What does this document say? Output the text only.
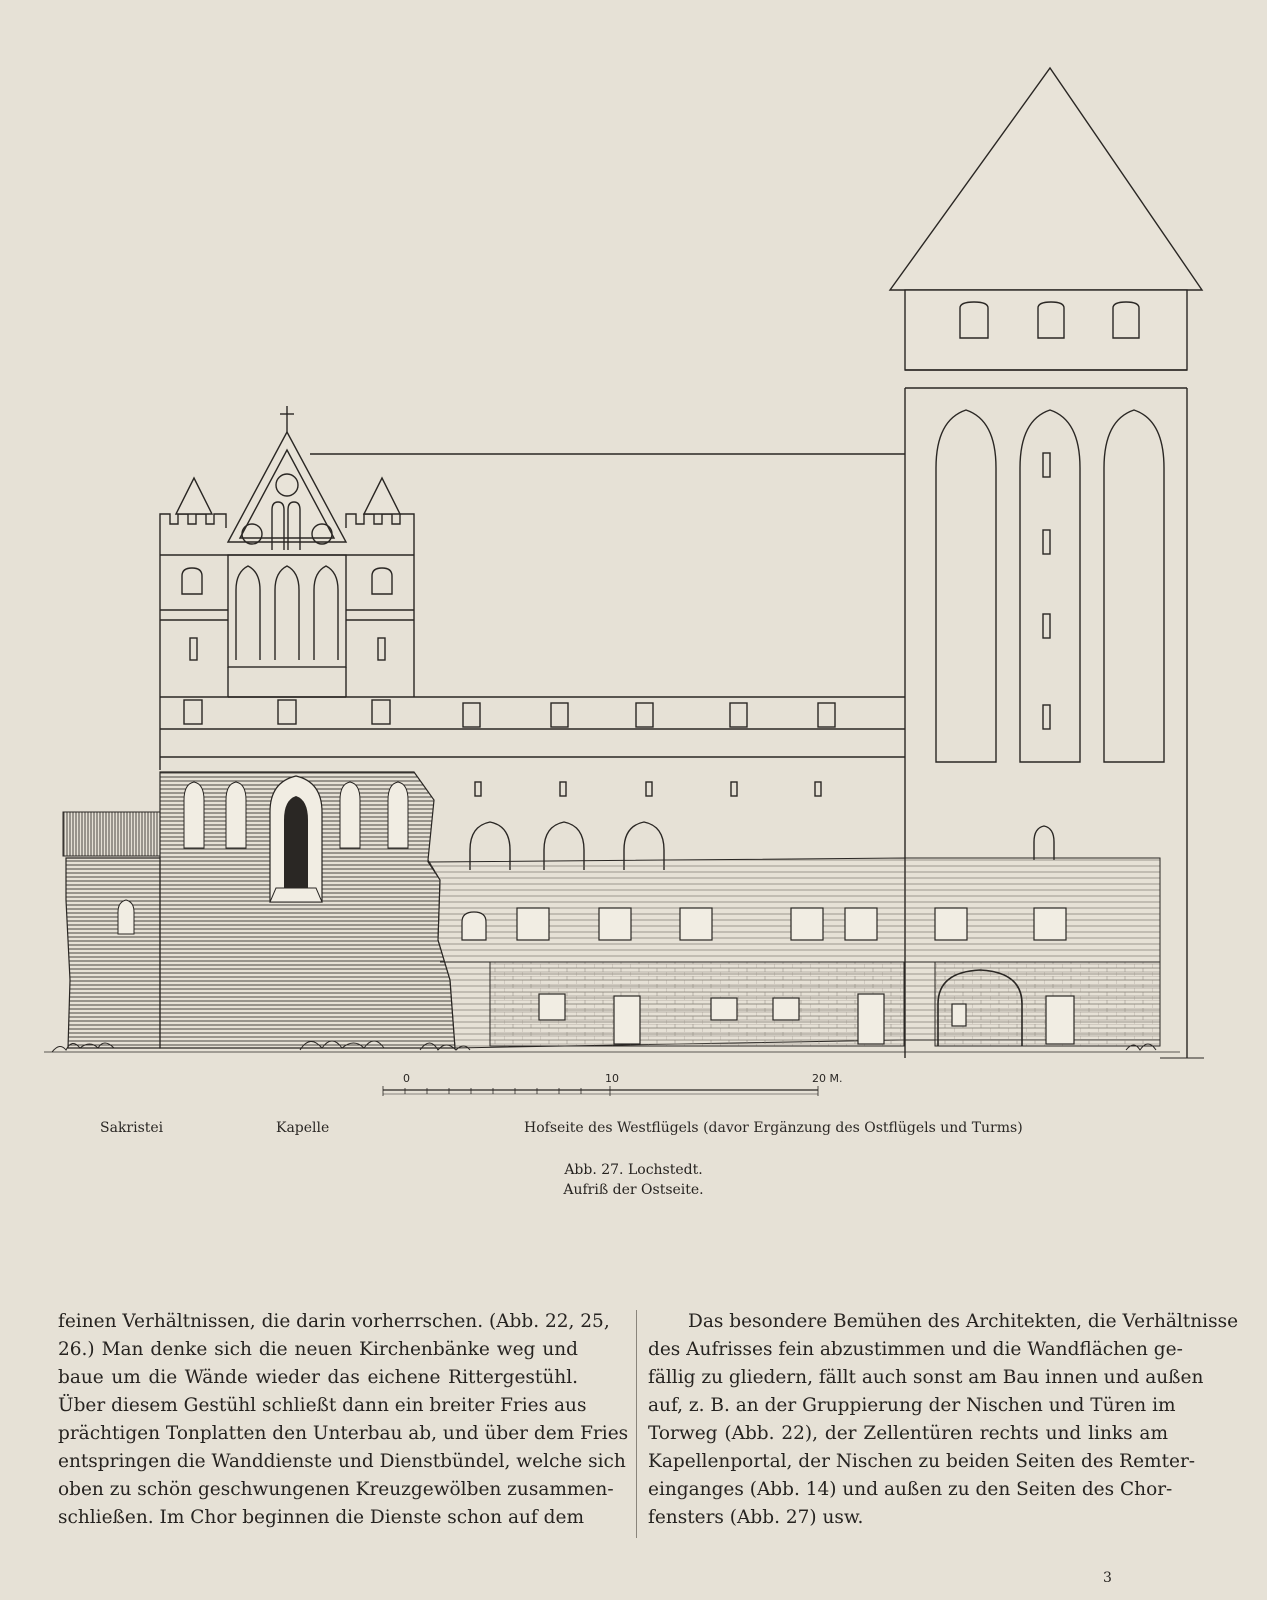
0	10	20 M.
Sakristei	Kapelle	Hofseite des Westflügels (davor Ergänzung des Ostflügels und Turms)
Abb. 27. Lochstedt.
Aufriß der Ostseite.
feinen Verhältnissen, die darin vorherrschen. (Abb. 22, 25,
26.) Man denke sich die neuen Kirchenbänke weg und
baue um die Wände wieder das eichene Rittergestühl.
Über diesem Gestühl schließt dann ein breiter Fries aus
prächtigen Tonplatten den Unterbau ab, und über dem Fries
entspringen die Wanddienste und Dienstbündel, welche sich
oben zu schön geschwungenen Kreuzgewölben zusammen-
schließen. Im Chor beginnen die Dienste schon auf dem
Das besondere Bemühen des Architekten, die Verhältnisse
des Aufrisses fein abzustimmen und die Wandflächen ge-
fällig zu gliedern, fällt auch sonst am Bau innen und außen
auf, z. B. an der Gruppierung der Nischen und Türen im
Torweg (Abb. 22), der Zellentüren rechts und links am
Kapellenportal, der Nischen zu beiden Seiten des Remter-
einganges (Abb. 14) und außen zu den Seiten des Chor-
fensters (Abb. 27) usw.
3
